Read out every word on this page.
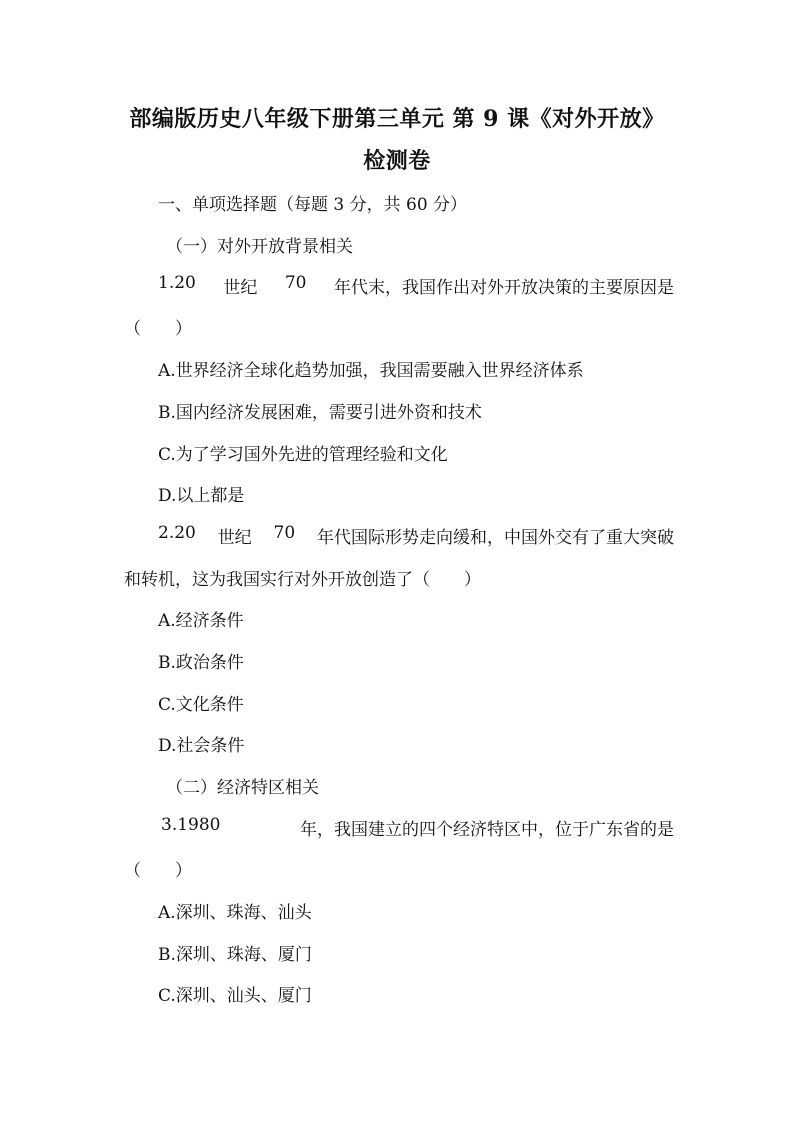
部编版历史八年级下册第三单元 第 9 课《对外开放》
检测卷
一、单项选择题（每题 3 分，共 60 分）
（一）对外开放背景相关
1.20 世纪 70 年代末，我国作出对外开放决策的主要原因是
（　　）
A.世界经济全球化趋势加强，我国需要融入世界经济体系
B.国内经济发展困难，需要引进外资和技术
C.为了学习国外先进的管理经验和文化
D.以上都是
2.20 世纪 70 年代国际形势走向缓和，中国外交有了重大突破
和转机，这为我国实行对外开放创造了（　　）
A.经济条件
B.政治条件
C.文化条件
D.社会条件
（二）经济特区相关
3.1980	年，我国建立的四个经济特区中，位于广东省的是
（　　）
A.深圳、珠海、汕头
B.深圳、珠海、厦门
C.深圳、汕头、厦门
